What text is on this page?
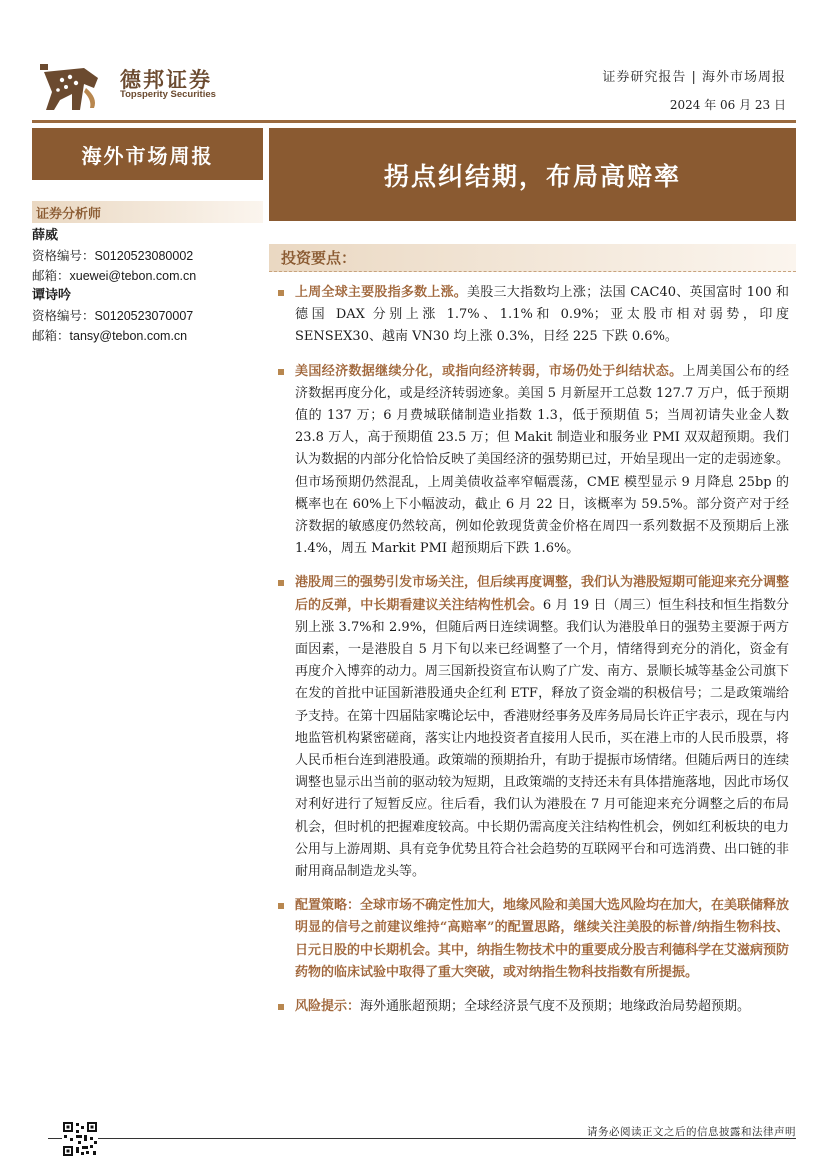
德邦证券
Topsperity Securities
证券研究报告 | 海外市场周报
2024 年 06 月 23 日
海外市场周报
拐点纠结期，布局高赔率
证券分析师
薛威
资格编号：S0120523080002
邮箱：xuewei@tebon.com.cn
谭诗吟
资格编号：S0120523070007
邮箱：tansy@tebon.com.cn
投资要点：
上周全球主要股指多数上涨。美股三大指数均上涨；法国 CAC40、英国富时 100 和德国 DAX 分别上涨 1.7%、1.1%和 0.9%；亚太股市相对弱势，印度 SENSEX30、越南 VN30 均上涨 0.3%，日经 225 下跌 0.6%。
美国经济数据继续分化，或指向经济转弱，市场仍处于纠结状态。上周美国公布的经济数据再度分化，或是经济转弱迹象。美国 5 月新屋开工总数 127.7 万户，低于预期值的 137 万；6 月费城联储制造业指数 1.3，低于预期值 5；当周初请失业金人数 23.8 万人，高于预期值 23.5 万；但 Makit 制造业和服务业 PMI 双双超预期。我们认为数据的内部分化恰恰反映了美国经济的强势期已过，开始呈现出一定的走弱迹象。但市场预期仍然混乱，上周美债收益率窄幅震荡，CME 模型显示 9 月降息 25bp 的概率也在 60%上下小幅波动，截止 6 月 22 日，该概率为 59.5%。部分资产对于经济数据的敏感度仍然较高，例如伦敦现货黄金价格在周四一系列数据不及预期后上涨 1.4%，周五 Markit PMI 超预期后下跌 1.6%。
港股周三的强势引发市场关注，但后续再度调整，我们认为港股短期可能迎来充分调整后的反弹，中长期看建议关注结构性机会。6 月 19 日（周三）恒生科技和恒生指数分别上涨 3.7%和 2.9%，但随后两日连续调整。我们认为港股单日的强势主要源于两方面因素，一是港股自 5 月下旬以来已经调整了一个月，情绪得到充分的消化，资金有再度介入博弈的动力。周三国新投资宣布认购了广发、南方、景顺长城等基金公司旗下在发的首批中证国新港股通央企红利 ETF，释放了资金端的积极信号；二是政策端给予支持。在第十四届陆家嘴论坛中，香港财经事务及库务局局长许正宇表示，现在与内地监管机构紧密磋商，落实让内地投资者直接用人民币，买在港上市的人民币股票，将人民币柜台连到港股通。政策端的预期抬升，有助于提振市场情绪。但随后两日的连续调整也显示出当前的驱动较为短期，且政策端的支持还未有具体措施落地，因此市场仅对利好进行了短暂反应。往后看，我们认为港股在 7 月可能迎来充分调整之后的布局机会，但时机的把握难度较高。中长期仍需高度关注结构性机会，例如红利板块的电力公用与上游周期、具有竞争优势且符合社会趋势的互联网平台和可选消费、出口链的非耐用商品制造龙头等。
配置策略：全球市场不确定性加大，地缘风险和美国大选风险均在加大，在美联储释放明显的信号之前建议维持“高赔率”的配置思路，继续关注美股的标普/纳指生物科技、日元日股的中长期机会。其中，纳指生物技术中的重要成分股吉利德科学在艾滋病预防药物的临床试验中取得了重大突破，或对纳指生物科技指数有所提振。
风险提示：海外通胀超预期；全球经济景气度不及预期；地缘政治局势超预期。
请务必阅读正文之后的信息披露和法律声明
